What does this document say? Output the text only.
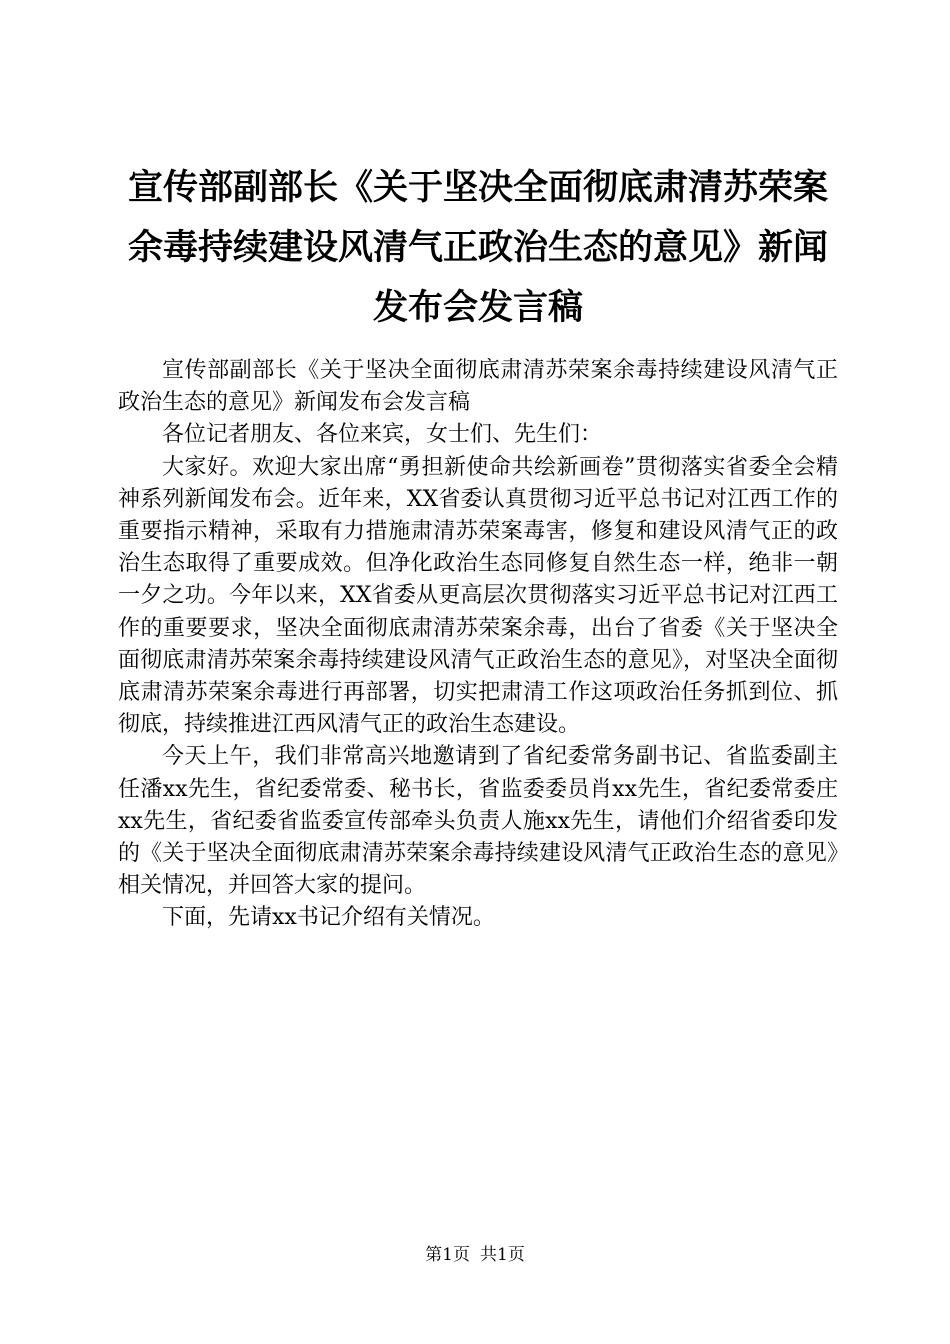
宣传部副部长《关于坚决全面彻底肃清苏荣案
余毒持续建设风清气正政治生态的意见》新闻
发布会发言稿

宣传部副部长《关于坚决全面彻底肃清苏荣案余毒持续建设风清气正政治生态的意见》新闻发布会发言稿

各位记者朋友、各位来宾，女士们、先生们：

大家好。欢迎大家出席“勇担新使命共绘新画卷”贯彻落实省委全会精神系列新闻发布会。近年来，XX省委认真贯彻习近平总书记对江西工作的重要指示精神，采取有力措施肃清苏荣案毒害，修复和建设风清气正的政治生态取得了重要成效。但净化政治生态同修复自然生态一样，绝非一朝一夕之功。今年以来，XX省委从更高层次贯彻落实习近平总书记对江西工作的重要要求，坚决全面彻底肃清苏荣案余毒，出台了省委《关于坚决全面彻底肃清苏荣案余毒持续建设风清气正政治生态的意见》，对坚决全面彻底肃清苏荣案余毒进行再部署，切实把肃清工作这项政治任务抓到位、抓彻底，持续推进江西风清气正的政治生态建设。

今天上午，我们非常高兴地邀请到了省纪委常务副书记、省监委副主任潘xx先生，省纪委常委、秘书长，省监委委员肖xx先生，省纪委常委庄xx先生，省纪委省监委宣传部牵头负责人施xx先生，请他们介绍省委印发的《关于坚决全面彻底肃清苏荣案余毒持续建设风清气正政治生态的意见》相关情况，并回答大家的提问。

下面，先请xx书记介绍有关情况。

第1页 共1页
